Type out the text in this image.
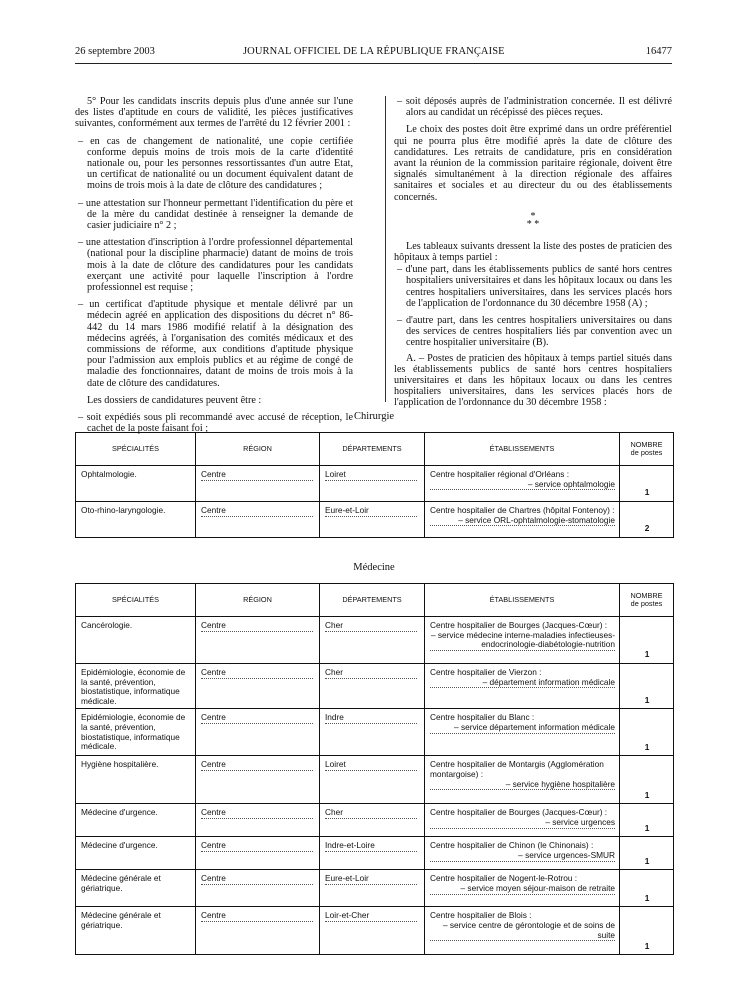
26 septembre 2003	JOURNAL OFFICIEL DE LA RÉPUBLIQUE FRANÇAISE	16477

5° Pour les candidats inscrits depuis plus d'une année sur l'une des listes d'aptitude en cours de validité, les pièces justificatives suivantes, conformément aux termes de l'arrêté du 12 février 2001 :

– en cas de changement de nationalité, une copie certifiée conforme depuis moins de trois mois de la carte d'identité nationale ou, pour les personnes ressortissantes d'un autre Etat, un certificat de nationalité ou un document équivalent datant de moins de trois mois à la date de clôture des candidatures ;

– une attestation sur l'honneur permettant l'identification du père et de la mère du candidat destinée à renseigner la demande de casier judiciaire n° 2 ;

– une attestation d'inscription à l'ordre professionnel départemental (national pour la discipline pharmacie) datant de moins de trois mois à la date de clôture des candidatures pour les candidats exerçant une activité pour laquelle l'inscription à l'ordre professionnel est requise ;

– un certificat d'aptitude physique et mentale délivré par un médecin agréé en application des dispositions du décret n° 86-442 du 14 mars 1986 modifié relatif à la désignation des médecins agréés, à l'organisation des comités médicaux et des commissions de réforme, aux conditions d'aptitude physique pour l'admission aux emplois publics et au régime de congé de maladie des fonctionnaires, datant de moins de trois mois à la date de clôture des candidatures.

Les dossiers de candidatures peuvent être :

– soit expédiés sous pli recommandé avec accusé de réception, le cachet de la poste faisant foi ;

– soit déposés auprès de l'administration concernée. Il est délivré alors au candidat un récépissé des pièces reçues.

Le choix des postes doit être exprimé dans un ordre préférentiel qui ne pourra plus être modifié après la date de clôture des candidatures. Les retraits de candidature, pris en considération avant la réunion de la commission paritaire régionale, doivent être signalés simultanément à la direction régionale des affaires sanitaires et sociales et au directeur du ou des établissements concernés.

*
* *

Les tableaux suivants dressent la liste des postes de praticien des hôpitaux à temps partiel :

– d'une part, dans les établissements publics de santé hors centres hospitaliers universitaires et dans les hôpitaux locaux ou dans les centres hospitaliers universitaires, dans les services placés hors de l'application de l'ordonnance du 30 décembre 1958 (A) ;

– d'autre part, dans les centres hospitaliers universitaires ou dans des services de centres hospitaliers liés par convention avec un centre hospitalier universitaire (B).

A. – Postes de praticien des hôpitaux à temps partiel situés dans les établissements publics de santé hors centres hospitaliers universitaires et dans les hôpitaux locaux ou dans les centres hospitaliers universitaires, dans les services placés hors de l'application de l'ordonnance du 30 décembre 1958 :

Chirurgie
SPÉCIALITÉS	RÉGION	DÉPARTEMENTS	ÉTABLISSEMENTS	NOMBRE
de postes
Ophtalmologie.	Centre	Loiret	Centre hospitalier régional d'Orléans :
– service ophtalmologie	1
Oto-rhino-laryngologie.	Centre	Eure-et-Loir	Centre hospitalier de Chartres (hôpital Fontenoy) :
– service ORL-ophtalmologie-stomatologie	2
Médecine
SPÉCIALITÉS	RÉGION	DÉPARTEMENTS	ÉTABLISSEMENTS	NOMBRE
de postes
Cancérologie.	Centre	Cher	Centre hospitalier de Bourges (Jacques-Cœur) :
– service médecine interne-maladies infectieuses-endocrinologie-diabétologie-nutrition	1
Epidémiologie, économie de la santé, prévention, biostatistique, informatique médicale.	Centre	Cher	Centre hospitalier de Vierzon :
– département information médicale	1
Epidémiologie, économie de la santé, prévention, biostatistique, informatique médicale.	Centre	Indre	Centre hospitalier du Blanc :
– service département information médicale	1
Hygiène hospitalière.	Centre	Loiret	Centre hospitalier de Montargis (Agglomération montargoise) :
– service hygiène hospitalière	1
Médecine d'urgence.	Centre	Cher	Centre hospitalier de Bourges (Jacques-Cœur) :
– service urgences	1
Médecine d'urgence.	Centre	Indre-et-Loire	Centre hospitalier de Chinon (le Chinonais) :
– service urgences-SMUR	1
Médecine générale et gériatrique.	Centre	Eure-et-Loir	Centre hospitalier de Nogent-le-Rotrou :
– service moyen séjour-maison de retraite	1
Médecine générale et gériatrique.	Centre	Loir-et-Cher	Centre hospitalier de Blois :
– service centre de gérontologie et de soins de suite	1
